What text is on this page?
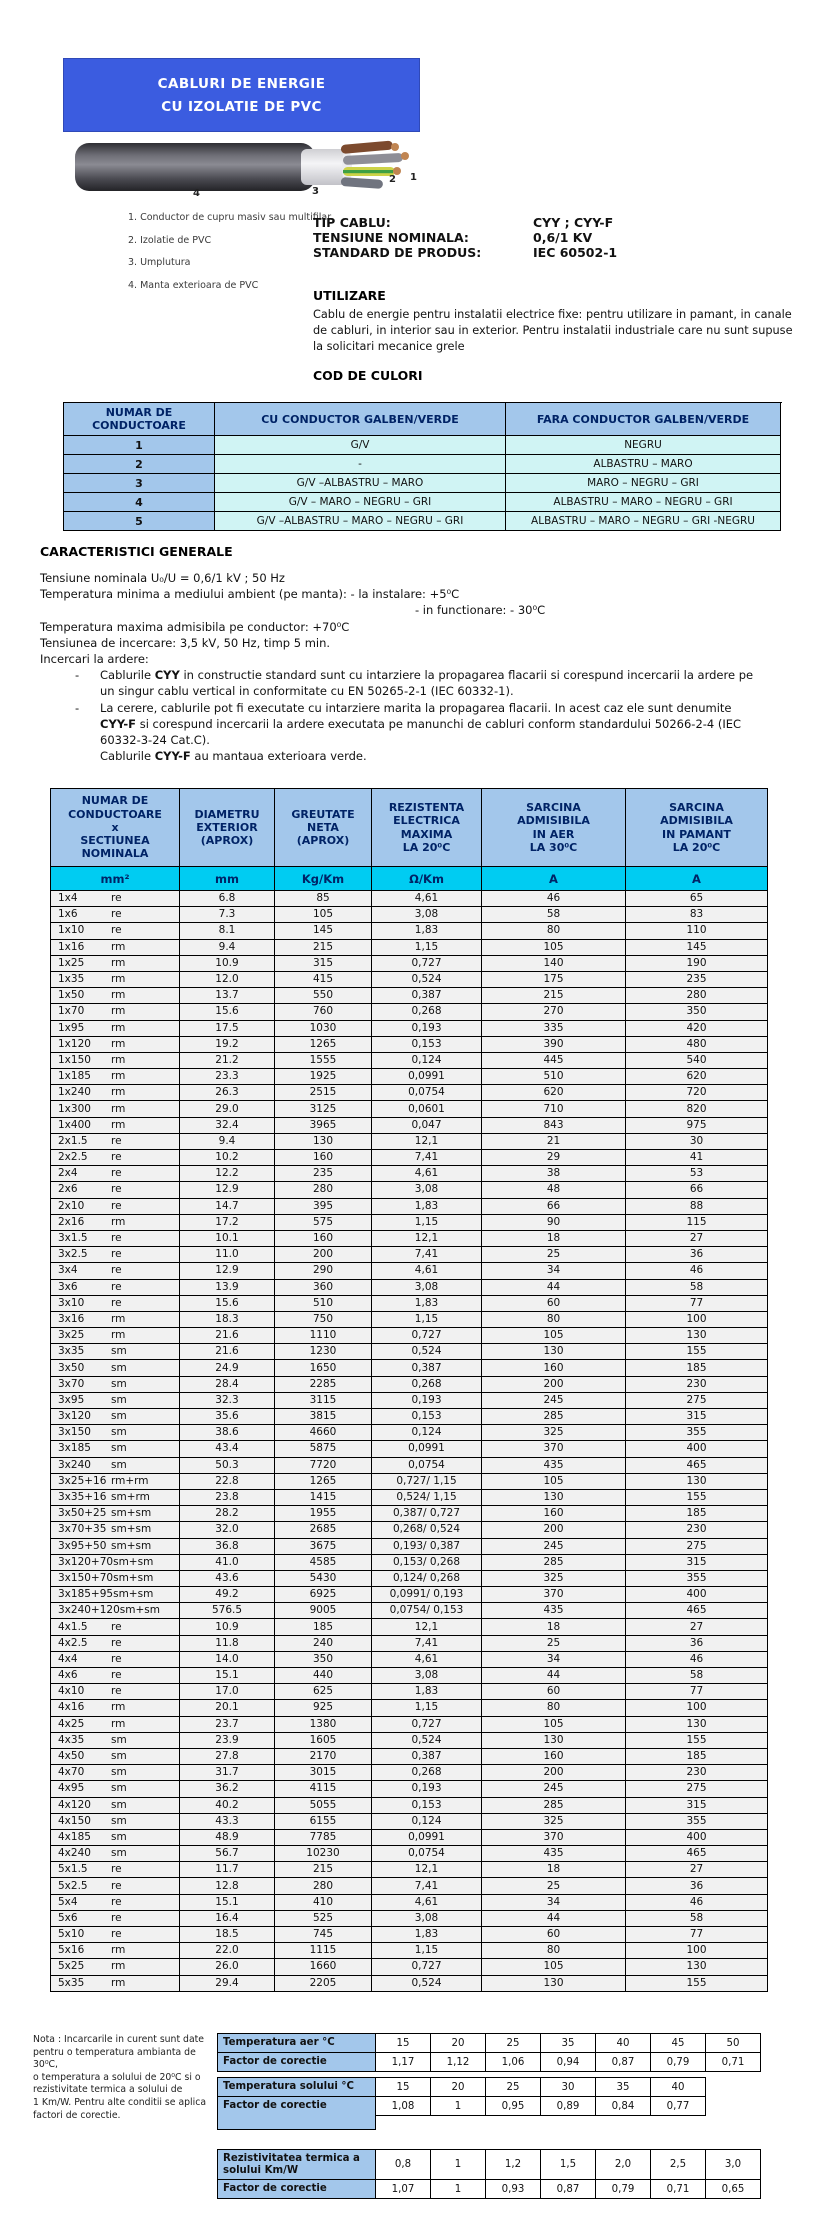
CABLURI DE ENERGIE
CU IZOLATIE DE PVC
4	3
2 1
1. Conductor de cupru masiv sau multifilar
2. Izolatie de PVC
3. Umplutura
4. Manta exterioara de PVC
TIP CABLU:	CYY ; CYY-F
TENSIUNE NOMINALA:	0,6/1 KV
STANDARD DE PRODUS:	IEC 60502-1
UTILIZARE
Cablu de energie pentru instalatii electrice fixe: pentru utilizare in pamant, in canale de cabluri, in interior sau in exterior. Pentru instalatii industriale care nu sunt supuse la solicitari mecanice grele
COD DE CULORI
NUMAR DE
CONDUCTOARE	CU CONDUCTOR GALBEN/VERDE	FARA CONDUCTOR GALBEN/VERDE
1	G/V	NEGRU
2	-	ALBASTRU – MARO
3	G/V –ALBASTRU – MARO	MARO – NEGRU – GRI
4	G/V – MARO – NEGRU – GRI	ALBASTRU – MARO – NEGRU – GRI
5	G/V –ALBASTRU – MARO – NEGRU – GRI	ALBASTRU – MARO – NEGRU – GRI -NEGRU
CARACTERISTICI GENERALE
Tensiune nominala U₀/U = 0,6/1 kV ; 50 Hz
Temperatura minima a mediului ambient (pe manta): - la instalare: +5⁰C
- in functionare: - 30⁰C
Temperatura maxima admisibila pe conductor: +70⁰C
Tensiunea de incercare: 3,5 kV, 50 Hz, timp 5 min.
Incercari la ardere:
-	Cablurile CYY in constructie standard sunt cu intarziere la propagarea flacarii si corespund incercarii la ardere pe un singur cablu vertical in conformitate cu EN 50265-2-1 (IEC 60332-1).
-	La cerere, cablurile pot fi executate cu intarziere marita la propagarea flacarii. In acest caz ele sunt denumite CYY-F si corespund incercarii la ardere executata pe manunchi de cabluri conform standardului 50266-2-4 (IEC 60332-3-24 Cat.C).
Cablurile CYY-F au mantaua exterioara verde.
NUMAR DE
CONDUCTOARE
x
SECTIUNEA
NOMINALA
DIAMETRU
EXTERIOR
(APROX)
GREUTATE
NETA
(APROX)
REZISTENTA
ELECTRICA
MAXIMA
LA 20⁰C
SARCINA
ADMISIBILA
IN AER
LA 30⁰C
SARCINA
ADMISIBILA
IN PAMANT
LA 20⁰C
mm²	mm	Kg/Km	Ω/Km	A	A
1x4	re	6.8	85	4,61	46	65
1x6	re	7.3	105	3,08	58	83
1x10	re	8.1	145	1,83	80	110
1x16	rm	9.4	215	1,15	105	145
1x25	rm	10.9	315	0,727	140	190
1x35	rm	12.0	415	0,524	175	235
1x50	rm	13.7	550	0,387	215	280
1x70	rm	15.6	760	0,268	270	350
1x95	rm	17.5	1030	0,193	335	420
1x120	rm	19.2	1265	0,153	390	480
1x150	rm	21.2	1555	0,124	445	540
1x185	rm	23.3	1925	0,0991	510	620
1x240	rm	26.3	2515	0,0754	620	720
1x300	rm	29.0	3125	0,0601	710	820
1x400	rm	32.4	3965	0,047	843	975
2x1.5	re	9.4	130	12,1	21	30
2x2.5	re	10.2	160	7,41	29	41
2x4	re	12.2	235	4,61	38	53
2x6	re	12.9	280	3,08	48	66
2x10	re	14.7	395	1,83	66	88
2x16	rm	17.2	575	1,15	90	115
3x1.5	re	10.1	160	12,1	18	27
3x2.5	re	11.0	200	7,41	25	36
3x4	re	12.9	290	4,61	34	46
3x6	re	13.9	360	3,08	44	58
3x10	re	15.6	510	1,83	60	77
3x16	rm	18.3	750	1,15	80	100
3x25	rm	21.6	1110	0,727	105	130
3x35	sm	21.6	1230	0,524	130	155
3x50	sm	24.9	1650	0,387	160	185
3x70	sm	28.4	2285	0,268	200	230
3x95	sm	32.3	3115	0,193	245	275
3x120	sm	35.6	3815	0,153	285	315
3x150	sm	38.6	4660	0,124	325	355
3x185	sm	43.4	5875	0,0991	370	400
3x240	sm	50.3	7720	0,0754	435	465
3x25+16 rm+rm	22.8	1265	0,727/ 1,15	105	130
3x35+16 sm+rm	23.8	1415	0,524/ 1,15	130	155
3x50+25 sm+sm	28.2	1955	0,387/ 0,727	160	185
3x70+35 sm+sm	32.0	2685	0,268/ 0,524	200	230
3x95+50 sm+sm	36.8	3675	0,193/ 0,387	245	275
3x120+70 sm+sm	41.0	4585	0,153/ 0,268	285	315
3x150+70 sm+sm	43.6	5430	0,124/ 0,268	325	355
3x185+95 sm+sm	49.2	6925	0,0991/ 0,193	370	400
3x240+120 sm+sm	576.5	9005	0,0754/ 0,153	435	465
4x1.5	re	10.9	185	12,1	18	27
4x2.5	re	11.8	240	7,41	25	36
4x4	re	14.0	350	4,61	34	46
4x6	re	15.1	440	3,08	44	58
4x10	re	17.0	625	1,83	60	77
4x16	rm	20.1	925	1,15	80	100
4x25	rm	23.7	1380	0,727	105	130
4x35	sm	23.9	1605	0,524	130	155
4x50	sm	27.8	2170	0,387	160	185
4x70	sm	31.7	3015	0,268	200	230
4x95	sm	36.2	4115	0,193	245	275
4x120	sm	40.2	5055	0,153	285	315
4x150	sm	43.3	6155	0,124	325	355
4x185	sm	48.9	7785	0,0991	370	400
4x240	sm	56.7	10230	0,0754	435	465
5x1.5	re	11.7	215	12,1	18	27
5x2.5	re	12.8	280	7,41	25	36
5x4	re	15.1	410	4,61	34	46
5x6	re	16.4	525	3,08	44	58
5x10	re	18.5	745	1,83	60	77
5x16	rm	22.0	1115	1,15	80	100
5x25	rm	26.0	1660	0,727	105	130
5x35	rm	29.4	2205	0,524	130	155
Nota : Incarcarile in curent sunt date
pentru o temperatura ambianta de 30⁰C,
o temperatura a solului de 20⁰C si o
rezistivitate termica a solului de
1 Km/W. Pentru alte conditii se aplica
factori de corectie.
Temperatura aer °C	15	20	25	35	40	45	50
Factor de corectie	1,17	1,12	1,06	0,94	0,87	0,79	0,71
Temperatura solului °C	15	20	25	30	35	40
Factor de corectie	1,08	1	0,95	0,89	0,84	0,77
Rezistivitatea termica a
solului Km/W	0,8	1	1,2	1,5	2,0	2,5	3,0
Factor de corectie	1,07	1	0,93	0,87	0,79	0,71	0,65
